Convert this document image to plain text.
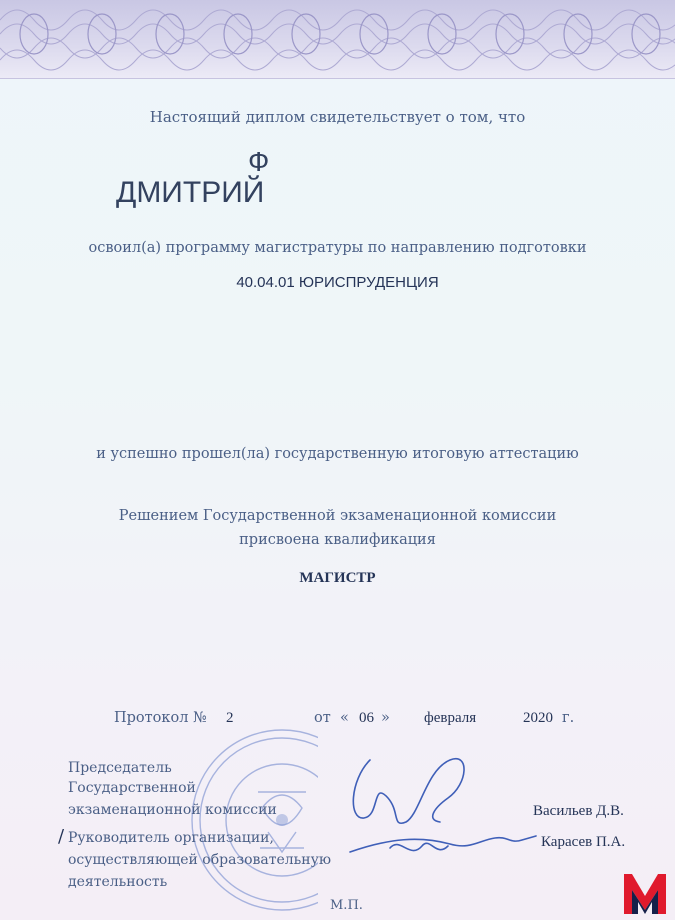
Настоящий диплом свидетельствует о том, что
Ф
ДМИТРИЙ
освоил(а) программу магистратуры по направлению подготовки
40.04.01 ЮРИСПРУДЕНЦИЯ
и успешно прошел(ла) государственную итоговую аттестацию
Решением Государственной экзаменационной комиссии
присвоена квалификация
МАГИСТР
Протокол № 2	от « 06 » февраля	2020 г.
Председатель
Государственной
экзаменационной комиссии
/ Руководитель организации,
осуществляющей образовательную
деятельность
Васильев Д.В.
Карасев П.А.
М.П.
